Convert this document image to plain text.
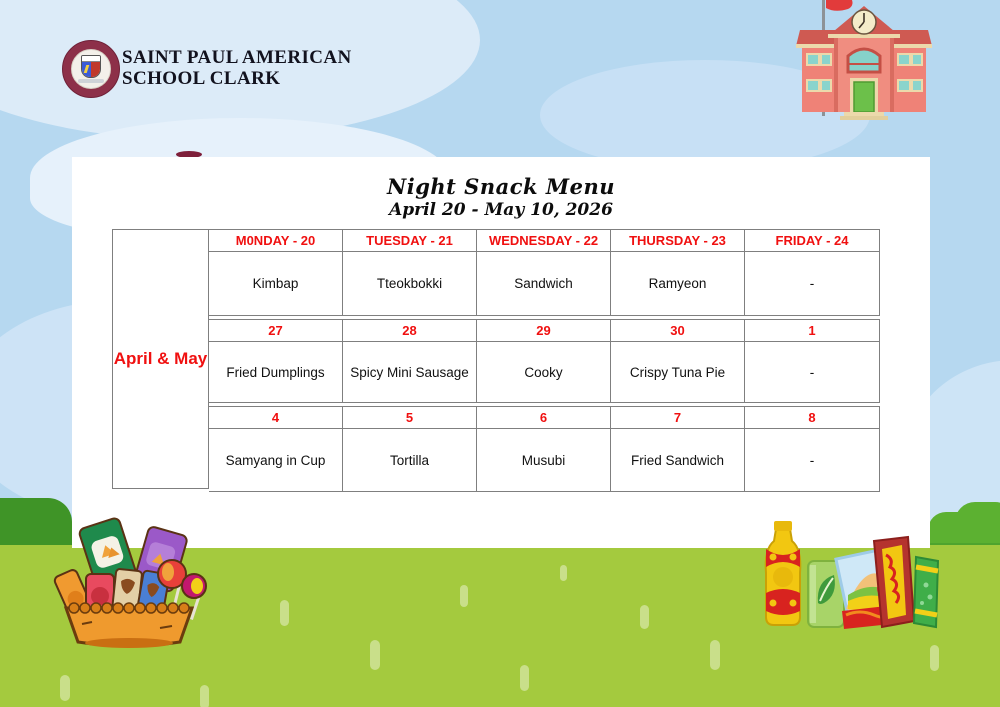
SAINT PAUL AMERICAN
SCHOOL CLARK
Night Snack Menu
April 20 - May 10, 2026
April & May
M0NDAY - 20	TUESDAY - 21	WEDNESDAY - 22	THURSDAY - 23	FRIDAY - 24
Kimbap	Tteokbokki	Sandwich	Ramyeon	-
27	28	29	30	1
Fried Dumplings	Spicy Mini Sausage	Cooky	Crispy Tuna Pie	-
4	5	6	7	8
Samyang in Cup	Tortilla	Musubi	Fried Sandwich	-
